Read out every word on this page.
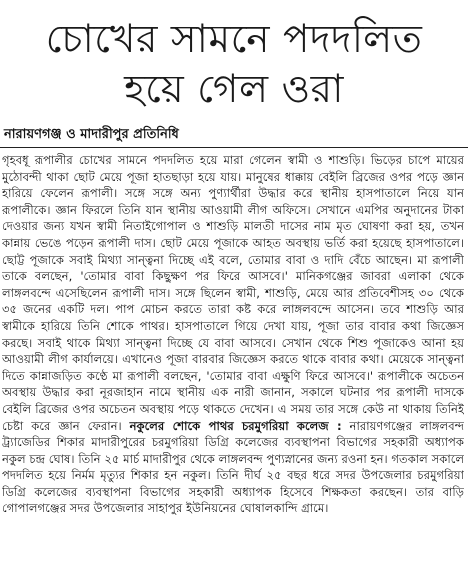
চোখের সামনে পদদলিত
হয়ে গেল ওরা
নারায়ণগঞ্জ ও মাদারীপুর প্রতিনিধি

গৃহবধূ রূপালীর চোখের সামনে পদদলিত হয়ে মারা গেলেন স্বামী ও শাশুড়ি। ভিড়ের চাপে মায়ের মুঠোবন্দী থাকা ছোট মেয়ে পূজা হাতছাড়া হয়ে যায়। মানুষের ধাক্কায় বেইলি ব্রিজের ওপর পড়ে জ্ঞান হারিয়ে ফেলেন রূপালী। সঙ্গে সঙ্গে অন্য পুণ্যার্থীরা উদ্ধার করে স্থানীয় হাসপাতালে নিয়ে যান রূপালীকে। জ্ঞান ফিরলে তিনি যান স্থানীয় আওয়ামী লীগ অফিসে। সেখানে এমপির অনুদানের টাকা দেওয়ার জন্য যখন স্বামী নিতাইগোপাল ও শাশুড়ি মালতী দাসের নাম মৃত ঘোষণা করা হয়, তখন কান্নায় ভেঙে পড়েন রূপালী দাস। ছোট মেয়ে পূজাকে আহত অবস্থায় ভর্তি করা হয়েছে হাসপাতালে। ছোট্ট পূজাকে সবাই মিথ্যা সান্ত্বনা দিচ্ছে এই বলে, তোমার বাবা ও দাদি বেঁচে আছেন। মা রূপালী তাকে বলছেন, 'তোমার বাবা কিছুক্ষণ পর ফিরে আসবে।' মানিকগঞ্জের জাবরা এলাকা থেকে লাঙ্গলবন্দে এসেছিলেন রূপালী দাস। সঙ্গে ছিলেন স্বামী, শাশুড়ি, মেয়ে আর প্রতিবেশীসহ ৩০ থেকে ৩৫ জনের একটি দল। পাপ মোচন করতে তারা কষ্ট করে লাঙ্গলবন্দে আসেন। তবে শাশুড়ি আর স্বামীকে হারিয়ে তিনি শোকে পাথর। হাসপাতালে গিয়ে দেখা যায়, পূজা তার বাবার কথা জিজ্ঞেস করছে। সবাই থাকে মিথ্যা সান্ত্বনা দিচ্ছে যে বাবা আসবে। সেখান থেকে শিশু পূজাকেও আনা হয় আওয়ামী লীগ কার্যালয়ে। এখানেও পূজা বারবার জিজ্ঞেস করতে থাকে বাবার কথা। মেয়েকে সান্ত্বনা দিতে কান্নাজড়িত কণ্ঠে মা রূপালী বলছেন, 'তোমার বাবা এক্ষুণি ফিরে আসবে।' রূপালীকে অচেতন অবস্থায় উদ্ধার করা নূরজাহান নামে স্থানীয় এক নারী জানান, সকালে ঘটনার পর রূপালী দাসকে বেইলি ব্রিজের ওপর অচেতন অবস্থায় পড়ে থাকতে দেখেন। এ সময় তার সঙ্গে কেউ না থাকায় তিনিই চেষ্টা করে জ্ঞান ফেরান। নকুলের শোকে পাথর চরমুগরিয়া কলেজ : নারায়ণগঞ্জের লাঙ্গলবন্দ ট্র্যাজেডির শিকার মাদারীপুরের চরমুগরিয়া ডিগ্রি কলেজের ব্যবস্থাপনা বিভাগের সহকারী অধ্যাপক নকুল চন্দ্র ঘোষ। তিনি ২৫ মার্চ মাদারীপুর থেকে লাঙ্গলবন্দ পুণ্যস্নানের জন্য রওনা হন। গতকাল সকালে পদদলিত হয়ে নির্মম মৃত্যুর শিকার হন নকুল। তিনি দীর্ঘ ২৫ বছর ধরে সদর উপজেলার চরমুগরিয়া ডিগ্রি কলেজের ব্যবস্থাপনা বিভাগের সহকারী অধ্যাপক হিসেবে শিক্ষকতা করছেন। তার বাড়ি গোপালগঞ্জের সদর উপজেলার সাহাপুর ইউনিয়নের ঘোষালকান্দি গ্রামে।
